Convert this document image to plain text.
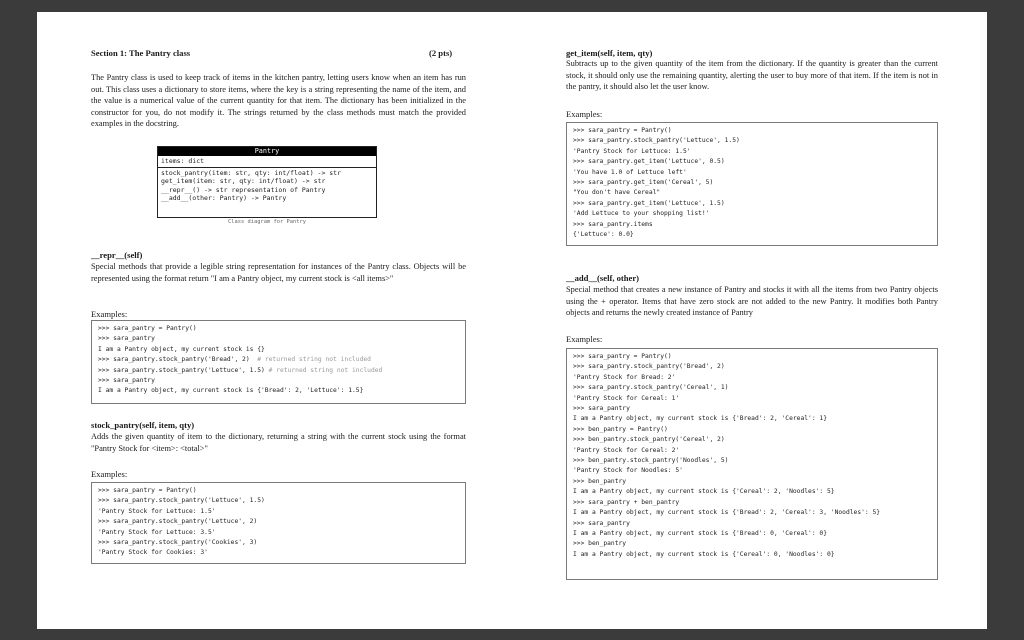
Section 1: The Pantry class	(2 pts)

The Pantry class is used to keep track of items in the kitchen pantry, letting users know when an item has run out. This class uses a dictionary to store items, where the key is a string representing the name of the item, and the value is a numerical value of the current quantity for that item. The dictionary has been initialized in the constructor for you, do not modify it. The strings returned by the class methods must match the provided examples in the docstring.

Pantry
items: dict
stock_pantry(item: str, qty: int/float) -> str
get_item(item: str, qty: int/float) -> str
__repr__() -> str representation of Pantry
__add__(other: Pantry) -> Pantry
Class diagram for Pantry
__repr__(self)

Special methods that provide a legible string representation for instances of the Pantry class. Objects will be represented using the format return "I am a Pantry object, my current stock is <all items>"

Examples:
>>> sara_pantry = Pantry()
>>> sara_pantry
I am a Pantry object, my current stock is {}
>>> sara_pantry.stock_pantry('Bread', 2)  # returned string not included
>>> sara_pantry.stock_pantry('Lettuce', 1.5) # returned string not included
>>> sara_pantry
I am a Pantry object, my current stock is {'Bread': 2, 'Lettuce': 1.5}
stock_pantry(self, item, qty)

Adds the given quantity of item to the dictionary, returning a string with the current stock using the format "Pantry Stock for <item>: <total>"

Examples:
>>> sara_pantry = Pantry()
>>> sara_pantry.stock_pantry('Lettuce', 1.5)
'Pantry Stock for Lettuce: 1.5'
>>> sara_pantry.stock_pantry('Lettuce', 2)
'Pantry Stock for Lettuce: 3.5'
>>> sara_pantry.stock_pantry('Cookies', 3)
'Pantry Stock for Cookies: 3'
get_item(self, item, qty)

Subtracts up to the given quantity of the item from the dictionary. If the quantity is greater than the current stock, it should only use the remaining quantity, alerting the user to buy more of that item. If the item is not in the pantry, it should also let the user know.

Examples:
>>> sara_pantry = Pantry()
>>> sara_pantry.stock_pantry('Lettuce', 1.5)
'Pantry Stock for Lettuce: 1.5'
>>> sara_pantry.get_item('Lettuce', 0.5)
'You have 1.0 of Lettuce left'
>>> sara_pantry.get_item('Cereal', 5)
"You don't have Cereal"
>>> sara_pantry.get_item('Lettuce', 1.5)
'Add Lettuce to your shopping list!'
>>> sara_pantry.items
{'Lettuce': 0.0}
__add__(self, other)

Special method that creates a new instance of Pantry and stocks it with all the items from two Pantry objects using the + operator. Items that have zero stock are not added to the new Pantry. It modifies both Pantry objects and returns the newly created instance of Pantry

Examples:
>>> sara_pantry = Pantry()
>>> sara_pantry.stock_pantry('Bread', 2)
'Pantry Stock for Bread: 2'
>>> sara_pantry.stock_pantry('Cereal', 1)
'Pantry Stock for Cereal: 1'
>>> sara_pantry
I am a Pantry object, my current stock is {'Bread': 2, 'Cereal': 1}
>>> ben_pantry = Pantry()
>>> ben_pantry.stock_pantry('Cereal', 2)
'Pantry Stock for Cereal: 2'
>>> ben_pantry.stock_pantry('Noodles', 5)
'Pantry Stock for Noodles: 5'
>>> ben_pantry
I am a Pantry object, my current stock is {'Cereal': 2, 'Noodles': 5}
>>> sara_pantry + ben_pantry
I am a Pantry object, my current stock is {'Bread': 2, 'Cereal': 3, 'Noodles': 5}
>>> sara_pantry
I am a Pantry object, my current stock is {'Bread': 0, 'Cereal': 0}
>>> ben_pantry
I am a Pantry object, my current stock is {'Cereal': 0, 'Noodles': 0}
